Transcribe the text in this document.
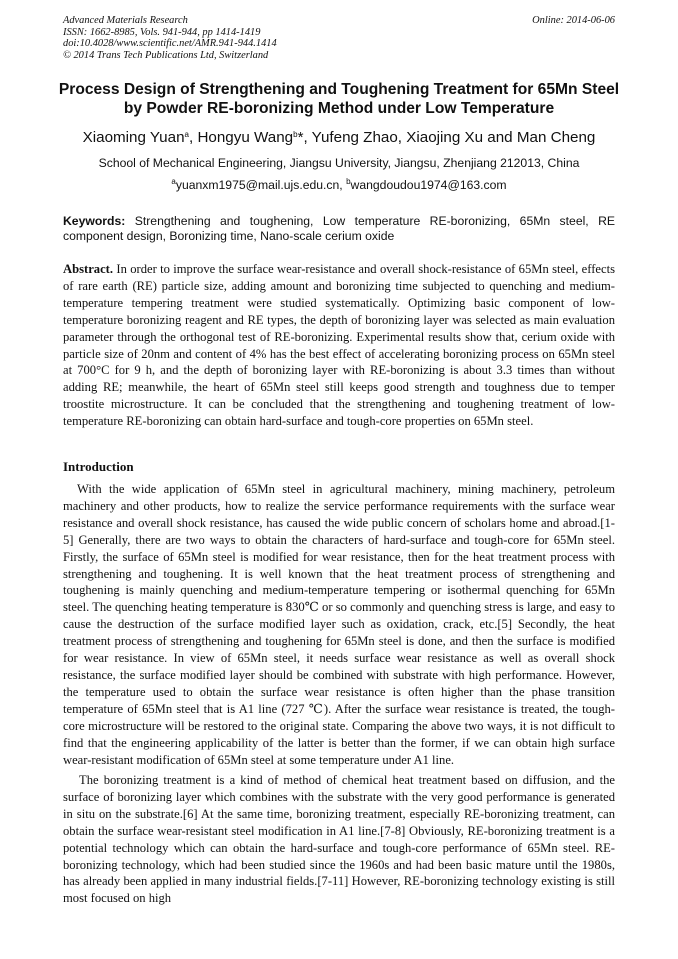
Advanced Materials Research
ISSN: 1662-8985, Vols. 941-944, pp 1414-1419
doi:10.4028/www.scientific.net/AMR.941-944.1414
© 2014 Trans Tech Publications Ltd, Switzerland
Online: 2014-06-06
Process Design of Strengthening and Toughening Treatment for 65Mn Steel by Powder RE-boronizing Method under Low Temperature
Xiaoming Yuan$^a$, Hongyu Wang$^b$*, Yufeng Zhao, Xiaojing Xu and Man Cheng
School of Mechanical Engineering, Jiangsu University, Jiangsu, Zhenjiang 212013, China
$^a$yuanxm1975@mail.ujs.edu.cn, $^b$wangdoudou1974@163.com
Keywords: Strengthening and toughening, Low temperature RE-boronizing, 65Mn steel, RE component design, Boronizing time, Nano-scale cerium oxide
Abstract. In order to improve the surface wear-resistance and overall shock-resistance of 65Mn steel, effects of rare earth (RE) particle size, adding amount and boronizing time subjected to quenching and medium-temperature tempering treatment were studied systematically. Optimizing basic component of low-temperature boronizing reagent and RE types, the depth of boronizing layer was selected as main evaluation parameter through the orthogonal test of RE-boronizing. Experimental results show that, cerium oxide with particle size of 20nm and content of 4% has the best effect of accelerating boronizing process on 65Mn steel at 700°C for 9 h, and the depth of boronizing layer with RE-boronizing is about 3.3 times than without adding RE; meanwhile, the heart of 65Mn steel still keeps good strength and toughness due to temper troostite microstructure. It can be concluded that the strengthening and toughening treatment of low-temperature RE-boronizing can obtain hard-surface and tough-core properties on 65Mn steel.
Introduction
With the wide application of 65Mn steel in agricultural machinery, mining machinery, petroleum machinery and other products, how to realize the service performance requirements with the surface wear resistance and overall shock resistance, has caused the wide public concern of scholars home and abroad.[1-5] Generally, there are two ways to obtain the characters of hard-surface and tough-core for 65Mn steel. Firstly, the surface of 65Mn steel is modified for wear resistance, then for the heat treatment process with strengthening and toughening. It is well known that the heat treatment process of strengthening and toughening is mainly quenching and medium-temperature tempering or isothermal quenching for 65Mn steel. The quenching heating temperature is 830℃ or so commonly and quenching stress is large, and easy to cause the destruction of the surface modified layer such as oxidation, crack, etc.[5] Secondly, the heat treatment process of strengthening and toughening for 65Mn steel is done, and then the surface is modified for wear resistance. In view of 65Mn steel, it needs surface wear resistance as well as overall shock resistance, the surface modified layer should be combined with substrate with high performance. However, the temperature used to obtain the surface wear resistance is often higher than the phase transition temperature of 65Mn steel that is A1 line (727 ℃). After the surface wear resistance is treated, the tough-core microstructure will be restored to the original state. Comparing the above two ways, it is not difficult to find that the engineering applicability of the latter is better than the former, if we can obtain high surface wear-resistant modification of 65Mn steel at some temperature under A1 line.
The boronizing treatment is a kind of method of chemical heat treatment based on diffusion, and the surface of boronizing layer which combines with the substrate with the very good performance is generated in situ on the substrate.[6] At the same time, boronizing treatment, especially RE-boronizing treatment, can obtain the surface wear-resistant steel modification in A1 line.[7-8] Obviously, RE-boronizing treatment is a potential technology which can obtain the hard-surface and tough-core performance of 65Mn steel. RE-boronizing technology, which had been studied since the 1960s and had been basic mature until the 1980s, has already been applied in many industrial fields.[7-11] However, RE-boronizing technology existing is still most focused on high
